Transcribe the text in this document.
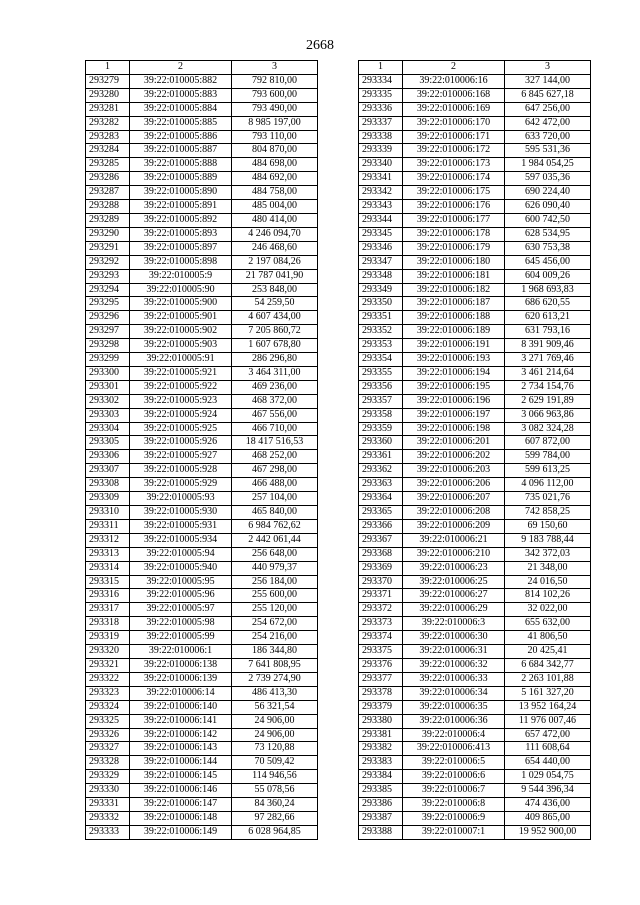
2668
1	2	3
293279	39:22:010005:882	792 810,00
293280	39:22:010005:883	793 600,00
293281	39:22:010005:884	793 490,00
293282	39:22:010005:885	8 985 197,00
293283	39:22:010005:886	793 110,00
293284	39:22:010005:887	804 870,00
293285	39:22:010005:888	484 698,00
293286	39:22:010005:889	484 692,00
293287	39:22:010005:890	484 758,00
293288	39:22:010005:891	485 004,00
293289	39:22:010005:892	480 414,00
293290	39:22:010005:893	4 246 094,70
293291	39:22:010005:897	246 468,60
293292	39:22:010005:898	2 197 084,26
293293	39:22:010005:9	21 787 041,90
293294	39:22:010005:90	253 848,00
293295	39:22:010005:900	54 259,50
293296	39:22:010005:901	4 607 434,00
293297	39:22:010005:902	7 205 860,72
293298	39:22:010005:903	1 607 678,80
293299	39:22:010005:91	286 296,80
293300	39:22:010005:921	3 464 311,00
293301	39:22:010005:922	469 236,00
293302	39:22:010005:923	468 372,00
293303	39:22:010005:924	467 556,00
293304	39:22:010005:925	466 710,00
293305	39:22:010005:926	18 417 516,53
293306	39:22:010005:927	468 252,00
293307	39:22:010005:928	467 298,00
293308	39:22:010005:929	466 488,00
293309	39:22:010005:93	257 104,00
293310	39:22:010005:930	465 840,00
293311	39:22:010005:931	6 984 762,62
293312	39:22:010005:934	2 442 061,44
293313	39:22:010005:94	256 648,00
293314	39:22:010005:940	440 979,37
293315	39:22:010005:95	256 184,00
293316	39:22:010005:96	255 600,00
293317	39:22:010005:97	255 120,00
293318	39:22:010005:98	254 672,00
293319	39:22:010005:99	254 216,00
293320	39:22:010006:1	186 344,80
293321	39:22:010006:138	7 641 808,95
293322	39:22:010006:139	2 739 274,90
293323	39:22:010006:14	486 413,30
293324	39:22:010006:140	56 321,54
293325	39:22:010006:141	24 906,00
293326	39:22:010006:142	24 906,00
293327	39:22:010006:143	73 120,88
293328	39:22:010006:144	70 509,42
293329	39:22:010006:145	114 946,56
293330	39:22:010006:146	55 078,56
293331	39:22:010006:147	84 360,24
293332	39:22:010006:148	97 282,66
293333	39:22:010006:149	6 028 964,85
1	2	3
293334	39:22:010006:16	327 144,00
293335	39:22:010006:168	6 845 627,18
293336	39:22:010006:169	647 256,00
293337	39:22:010006:170	642 472,00
293338	39:22:010006:171	633 720,00
293339	39:22:010006:172	595 531,36
293340	39:22:010006:173	1 984 054,25
293341	39:22:010006:174	597 035,36
293342	39:22:010006:175	690 224,40
293343	39:22:010006:176	626 090,40
293344	39:22:010006:177	600 742,50
293345	39:22:010006:178	628 534,95
293346	39:22:010006:179	630 753,38
293347	39:22:010006:180	645 456,00
293348	39:22:010006:181	604 009,26
293349	39:22:010006:182	1 968 693,83
293350	39:22:010006:187	686 620,55
293351	39:22:010006:188	620 613,21
293352	39:22:010006:189	631 793,16
293353	39:22:010006:191	8 391 909,46
293354	39:22:010006:193	3 271 769,46
293355	39:22:010006:194	3 461 214,64
293356	39:22:010006:195	2 734 154,76
293357	39:22:010006:196	2 629 191,89
293358	39:22:010006:197	3 066 963,86
293359	39:22:010006:198	3 082 324,28
293360	39:22:010006:201	607 872,00
293361	39:22:010006:202	599 784,00
293362	39:22:010006:203	599 613,25
293363	39:22:010006:206	4 096 112,00
293364	39:22:010006:207	735 021,76
293365	39:22:010006:208	742 858,25
293366	39:22:010006:209	69 150,60
293367	39:22:010006:21	9 183 788,44
293368	39:22:010006:210	342 372,03
293369	39:22:010006:23	21 348,00
293370	39:22:010006:25	24 016,50
293371	39:22:010006:27	814 102,26
293372	39:22:010006:29	32 022,00
293373	39:22:010006:3	655 632,00
293374	39:22:010006:30	41 806,50
293375	39:22:010006:31	20 425,41
293376	39:22:010006:32	6 684 342,77
293377	39:22:010006:33	2 263 101,88
293378	39:22:010006:34	5 161 327,20
293379	39:22:010006:35	13 952 164,24
293380	39:22:010006:36	11 976 007,46
293381	39:22:010006:4	657 472,00
293382	39:22:010006:413	111 608,64
293383	39:22:010006:5	654 440,00
293384	39:22:010006:6	1 029 054,75
293385	39:22:010006:7	9 544 396,34
293386	39:22:010006:8	474 436,00
293387	39:22:010006:9	409 865,00
293388	39:22:010007:1	19 952 900,00
